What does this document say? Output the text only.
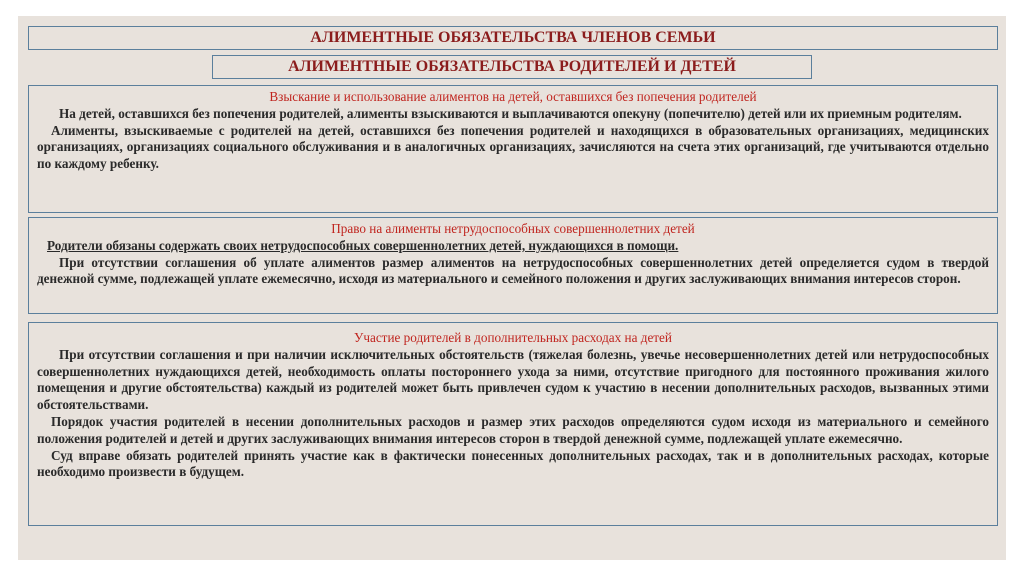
АЛИМЕНТНЫЕ ОБЯЗАТЕЛЬСТВА ЧЛЕНОВ СЕМЬИ
АЛИМЕНТНЫЕ ОБЯЗАТЕЛЬСТВА РОДИТЕЛЕЙ И ДЕТЕЙ
Взыскание и использование алиментов на детей, оставшихся без попечения родителей

На детей, оставшихся без попечения родителей, алименты взыскиваются и выплачиваются опекуну (попечителю) детей или их приемным родителям.

Алименты, взыскиваемые с родителей на детей, оставшихся без попечения родителей и находящихся в образовательных организациях, медицинских организациях, организациях социального обслуживания и в аналогичных организациях, зачисляются на счета этих организаций, где учитываются отдельно по каждому ребенку.

Право на алименты нетрудоспособных совершеннолетних детей

Родители обязаны содержать своих нетрудоспособных совершеннолетних детей, нуждающихся в помощи.

При отсутствии соглашения об уплате алиментов размер алиментов на нетрудоспособных совершеннолетних детей определяется судом в твердой денежной сумме, подлежащей уплате ежемесячно, исходя из материального и семейного положения и других заслуживающих внимания интересов сторон.

Участие родителей в дополнительных расходах на детей

При отсутствии соглашения и при наличии исключительных обстоятельств (тяжелая болезнь, увечье несовершеннолетних детей или нетрудоспособных совершеннолетних нуждающихся детей, необходимость оплаты постороннего ухода за ними, отсутствие пригодного для постоянного проживания жилого помещения и другие обстоятельства) каждый из родителей может быть привлечен судом к участию в несении дополнительных расходов, вызванных этими обстоятельствами.

Порядок участия родителей в несении дополнительных расходов и размер этих расходов определяются судом исходя из материального и семейного положения родителей и детей и других заслуживающих внимания интересов сторон в твердой денежной сумме, подлежащей уплате ежемесячно.

Суд вправе обязать родителей принять участие как в фактически понесенных дополнительных расходах, так и в дополнительных расходах, которые необходимо произвести в будущем.
